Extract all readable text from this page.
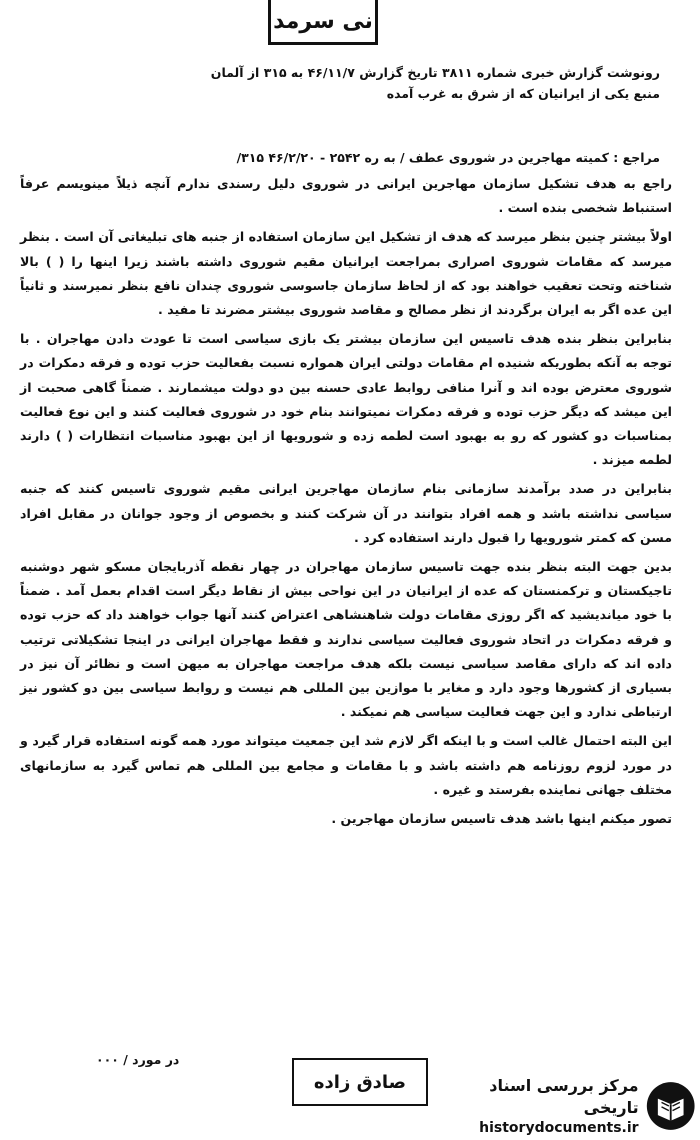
نی سرمد
رونوشت گزارش خبری شماره ۳۸۱۱ تاریخ گزارش ۴۶/۱۱/۷ به ۳۱۵ از آلمان
منبع یکی از ایرانیان که از شرق به غرب آمده
مراجع : کمیته مهاجرین در شوروی عطف / به ره ۲۵۴۲ - ۴۶/۲/۲۰ ۳۱۵/

راجع به هدف تشکیل سازمان مهاجرین ایرانی در شوروی دلیل رسندی ندارم آنچه ذیلاً مینویسم عرفاً استنباط شخصی بنده است .

اولاً بیشتر چنین بنظر میرسد که هدف از تشکیل این سازمان استفاده از جنبه های تبلیغاتی آن است . بنظر میرسد که مقامات شوروی اصراری بمراجعت ایرانیان مقیم شوروی داشته باشند زیرا اینها را ( ) بالا شناخته وتحت تعقیب خواهند بود که از لحاظ سازمان جاسوسی شوروی چندان نافع بنظر نمیرسند و ثانیاً این عده اگر به ایران برگردند از نظر مصالح و مقاصد شوروی بیشتر مضرند تا مفید .

بنابراین بنظر بنده هدف تاسیس این سازمان بیشتر یک بازی سیاسی است تا عودت دادن مهاجران . با توجه به آنکه بطوریکه شنیده ام مقامات دولتی ایران همواره نسبت بفعالیت حزب توده و فرقه دمکرات در شوروی معترض بوده اند و آنرا منافی روابط عادی حسنه بین دو دولت میشمارند . ضمناً گاهی صحبت از این میشد که دیگر حزب توده و فرقه دمکرات نمیتوانند بنام خود در شوروی فعالیت کنند و این نوع فعالیت بمناسبات دو کشور که رو به بهبود است لطمه زده و شورویها از این بهبود مناسبات انتظارات ( ) دارند لطمه میزند .

بنابراین در صدد برآمدند سازمانی بنام سازمان مهاجرین ایرانی مقیم شوروی تاسیس کنند که جنبه سیاسی نداشته باشد و همه افراد بتوانند در آن شرکت کنند و بخصوص از وجود جوانان در مقابل افراد مسن که کمتر شورویها را قبول دارند استفاده کرد .

بدین جهت البته بنظر بنده جهت تاسیس سازمان مهاجران در چهار نقطه آذربایجان مسکو شهر دوشنبه تاجیکستان و ترکمنستان که عده از ایرانیان در این نواحی بیش از نقاط دیگر است اقدام بعمل آمد . ضمناً با خود میاندیشید که اگر روزی مقامات دولت شاهنشاهی اعتراض کنند آنها جواب خواهند داد که حزب توده و فرقه دمکرات در اتحاد شوروی فعالیت سیاسی ندارند و فقط مهاجران ایرانی در اینجا تشکیلاتی ترتیب داده اند که دارای مقاصد سیاسی نیست بلکه هدف مراجعت مهاجران به میهن است و نظائر آن نیز در بسیاری از کشورها وجود دارد و مغایر با موازین بین المللی هم نیست و روابط سیاسی بین دو کشور نیز ارتباطی ندارد و این جهت فعالیت سیاسی هم نمیکند .

این البته احتمال غالب است و با اینکه اگر لازم شد این جمعیت میتواند مورد همه گونه استفاده قرار گیرد و در مورد لزوم روزنامه هم داشته باشد و با مقامات و مجامع بین المللی هم تماس گیرد به سازمانهای مختلف جهانی نماینده بفرستد و غیره .

تصور میکنم اینها باشد هدف تاسیس سازمان مهاجرین .

در مورد / ۰۰۰
صادق زاده	مرکز بررسی اسناد تاریخی
historydocuments.ir
